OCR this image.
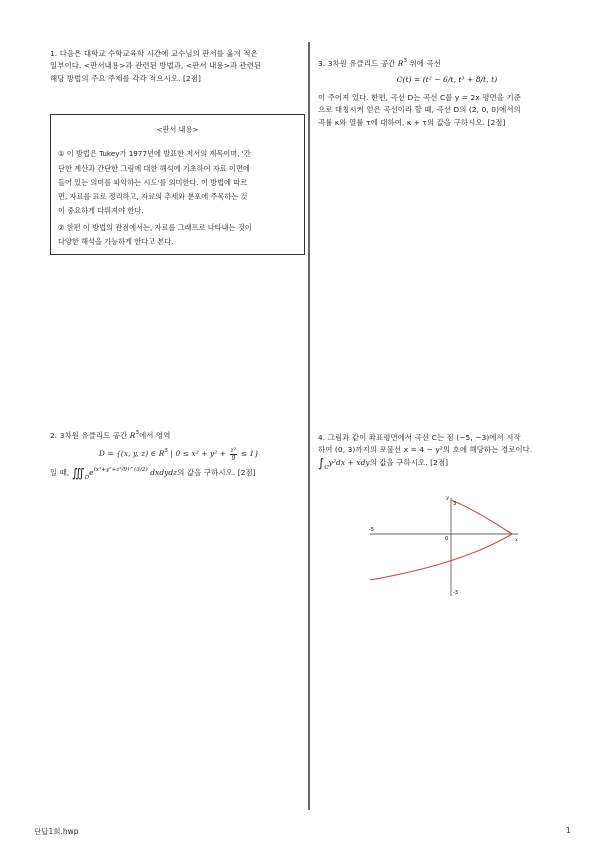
1. 다음은 대학교 수학교육학 시간에 교수님의 판서를 옮겨 적은

일부이다. <판서내용>과 관련된 방법과, <판서 내용>과 관련된

해당 방법의 주요 주제를 각각 적으시오. [2점]

<판서 내용>

① 이 방법은 Tukey가 1977년에 발표한 저서의 제목이며, '간

단한 계산과 간단한 그림에 대한 해석에 기초하여 자료 이면에

들어 있는 의미를 파악하는 시도'를 의미한다. 이 방법에 따르

면, 자료를 표로 정리하고, 자료의 추세와 분포에 주목하는 것

이 중요하게 다뤄져야 한다.

② 한편 이 방법의 관점에서는, 자료를 그래프로 나타내는 것이

다양한 해석을 가능하게 한다고 본다.

2. 3차원 유클리드 공간 $R^3$에서 영역

D = {(x, y, z) ∈ $R^3$ | $0 \le x^2 + y^2 + \frac{\text{z²}}{9} \le 1$}

일 때, $∭_De^{(x^2+y^2+z^2/9)\^{}(3/2)}$ dxdydz의 값을 구하시오. [2점]

3. 3차원 유클리드 공간 $R^3$ 위에 곡선

C(t) = (t² − 6/t, t³ + 8/t, t)

이 주어져 있다. 한편, 곡선 D는 곡선 C를 y = 2x 평면을 기준

으로 대칭시켜 얻은 곡선이라 할 때, 곡선 D의 (2, 0, 0)에서의

곡률 κ와 열률 τ에 대하여, κ + τ의 값을 구하시오. [2점]

4. 그림과 같이 좌표평면에서 곡선 C는 점 (−5, −3)에서 시작

하여 (0, 3)까지의 포물선 x = 4 − y²의 호에 해당하는 경로이다.

$\int_Cy^2dx$ + xdy의 값을 구하시오. [2점]

y
x
-5
3
-3
0
단답1회.hwp	1
